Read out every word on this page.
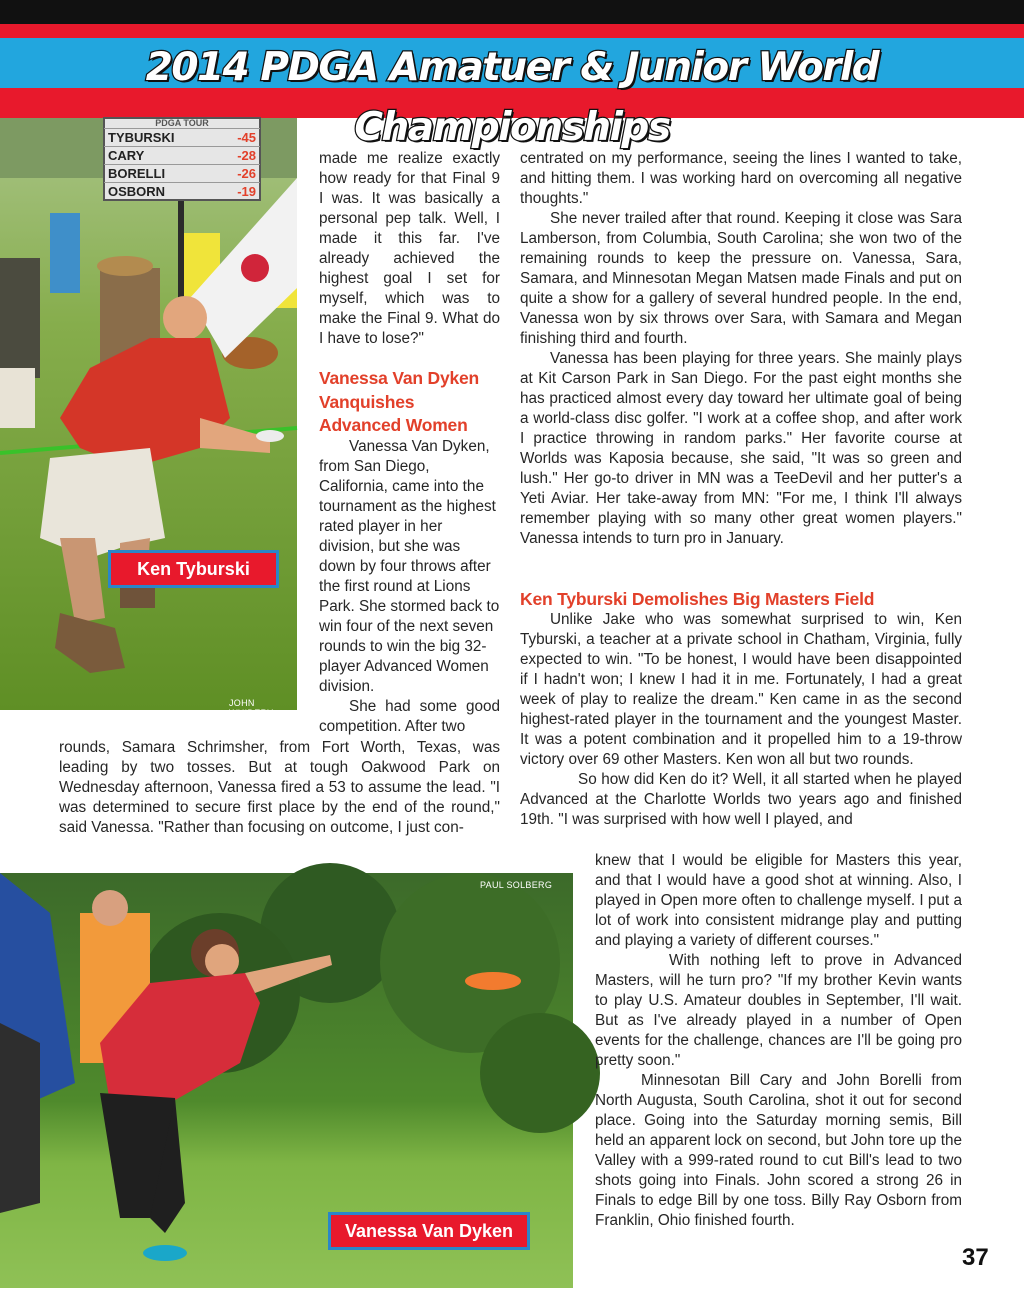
2014 PDGA Amatuer & Junior World Championships
PDGA TOUR
TYBURSKI	-45
CARY	-28
BORELLI	-26
OSBORN	-19
Ken Tyburski
JOHN WHIDERY
PAUL SOLBERG
Vanessa Van Dyken

made me realize exactly how ready for that Final 9 I was. It was basically a personal pep talk. Well, I made it this far. I've already achieved the highest goal I set for myself, which was to make the Final 9. What do I have to lose?"

Vanessa Van Dyken Vanquishes Advanced Women

Vanessa Van Dyken, from San Diego, California, came into the tournament as the highest rated player in her division, but she was down by four throws after the first round at Lions Park. She stormed back to win four of the next seven rounds to win the big 32-player Advanced Women division.

She had some good competition. After two

rounds, Samara Schrimsher, from Fort Worth, Texas, was leading by two tosses. But at tough Oakwood Park on Wednesday afternoon, Vanessa fired a 53 to assume the lead. "I was determined to secure first place by the end of the round," said Vanessa. "Rather than focusing on outcome, I just con-

centrated on my performance, seeing the lines I wanted to take, and hitting them. I was working hard on overcoming all negative thoughts."

She never trailed after that round. Keeping it close was Sara Lamberson, from Columbia, South Carolina; she won two of the remaining rounds to keep the pressure on. Vanessa, Sara, Samara, and Minnesotan Megan Matsen made Finals and put on quite a show for a gallery of several hundred people. In the end, Vanessa won by six throws over Sara, with Samara and Megan finishing third and fourth.

Vanessa has been playing for three years. She mainly plays at Kit Carson Park in San Diego. For the past eight months she has practiced almost every day toward her ultimate goal of being a world-class disc golfer. "I work at a coffee shop, and after work I practice throwing in random parks." Her favorite course at Worlds was Kaposia because, she said, "It was so green and lush." Her go-to driver in MN was a TeeDevil and her putter's a Yeti Aviar. Her take-away from MN: "For me, I think I'll always remember playing with so many other great women players." Vanessa intends to turn pro in January.

Ken Tyburski Demolishes Big Masters Field

Unlike Jake who was somewhat surprised to win, Ken Tyburski, a teacher at a private school in Chatham, Virginia, fully expected to win. "To be honest, I would have been disappointed if I hadn't won; I knew I had it in me. Fortunately, I had a great week of play to realize the dream." Ken came in as the second highest-rated player in the tournament and the youngest Master. It was a potent combination and it propelled him to a 19-throw victory over 69 other Masters. Ken won all but two rounds.

So how did Ken do it? Well, it all started when he played Advanced at the Charlotte Worlds two years ago and finished 19th. "I was surprised with how well I played, and

knew that I would be eligible for Masters this year, and that I would have a good shot at winning. Also, I played in Open more often to challenge myself. I put a lot of work into consistent midrange play and putting and playing a variety of different courses."

With nothing left to prove in Advanced Masters, will he turn pro? "If my brother Kevin wants to play U.S. Amateur doubles in September, I'll wait. But as I've already played in a number of Open events for the challenge, chances are I'll be going pro pretty soon."

Minnesotan Bill Cary and John Borelli from North Augusta, South Carolina, shot it out for second place. Going into the Saturday morning semis, Bill held an apparent lock on second, but John tore up the Valley with a 999-rated round to cut Bill's lead to two shots going into Finals. John scored a strong 26 in Finals to edge Bill by one toss. Billy Ray Osborn from Franklin, Ohio finished fourth.

37
